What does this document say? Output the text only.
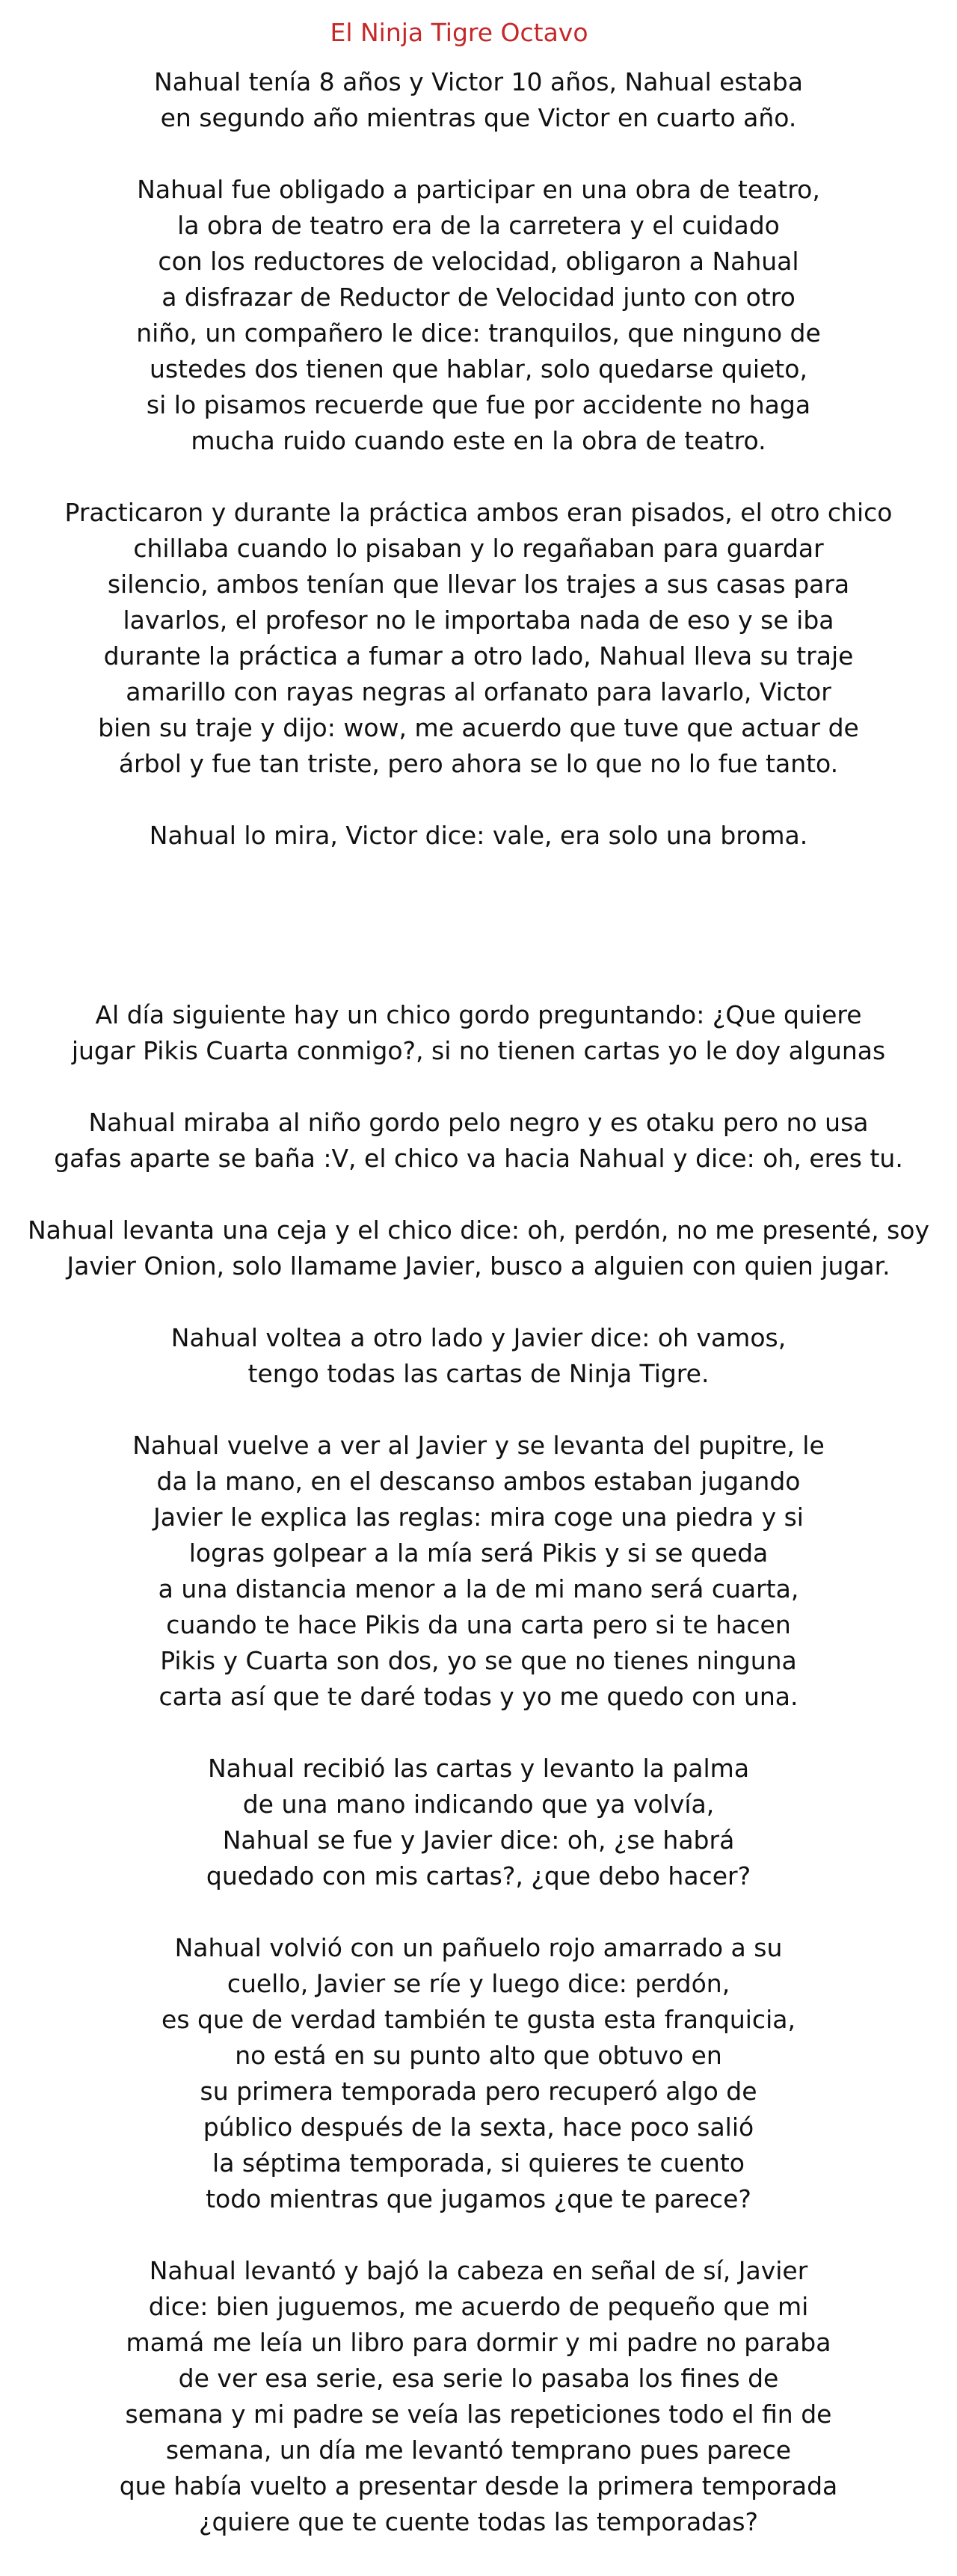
El Ninja Tigre Octavo
Nahual tenía 8 años y Victor 10 años, Nahual estaba
en segundo año mientras que Victor en cuarto año.
Nahual fue obligado a participar en una obra de teatro,
la obra de teatro era de la carretera y el cuidado
con los reductores de velocidad, obligaron a Nahual
a disfrazar de Reductor de Velocidad junto con otro
niño, un compañero le dice: tranquilos, que ninguno de
ustedes dos tienen que hablar, solo quedarse quieto,
si lo pisamos recuerde que fue por accidente no haga
mucha ruido cuando este en la obra de teatro.
Practicaron y durante la práctica ambos eran pisados, el otro chico
chillaba cuando lo pisaban y lo regañaban para guardar
silencio, ambos tenían que llevar los trajes a sus casas para
lavarlos, el profesor no le importaba nada de eso y se iba
durante la práctica a fumar a otro lado, Nahual lleva su traje
amarillo con rayas negras al orfanato para lavarlo, Victor
bien su traje y dijo: wow, me acuerdo que tuve que actuar de
árbol y fue tan triste, pero ahora se lo que no lo fue tanto.
Nahual lo mira, Victor dice: vale, era solo una broma.
Al día siguiente hay un chico gordo preguntando: ¿Que quiere
jugar Pikis Cuarta conmigo?, si no tienen cartas yo le doy algunas
Nahual miraba al niño gordo pelo negro y es otaku pero no usa
gafas aparte se baña :V, el chico va hacia Nahual y dice: oh, eres tu.
Nahual levanta una ceja y el chico dice: oh, perdón, no me presenté, soy
Javier Onion, solo llamame Javier, busco a alguien con quien jugar.
Nahual voltea a otro lado y Javier dice: oh vamos,
tengo todas las cartas de Ninja Tigre.
Nahual vuelve a ver al Javier y se levanta del pupitre, le
da la mano, en el descanso ambos estaban jugando
Javier le explica las reglas: mira coge una piedra y si
logras golpear a la mía será Pikis y si se queda
a una distancia menor a la de mi mano será cuarta,
cuando te hace Pikis da una carta pero si te hacen
Pikis y Cuarta son dos, yo se que no tienes ninguna
carta así que te daré todas y yo me quedo con una.
Nahual recibió las cartas y levanto la palma
de una mano indicando que ya volvía,
Nahual se fue y Javier dice: oh, ¿se habrá
quedado con mis cartas?, ¿que debo hacer?
Nahual volvió con un pañuelo rojo amarrado a su
cuello, Javier se ríe y luego dice: perdón,
es que de verdad también te gusta esta franquicia,
no está en su punto alto que obtuvo en
su primera temporada pero recuperó algo de
público después de la sexta, hace poco salió
la séptima temporada, si quieres te cuento
todo mientras que jugamos ¿que te parece?
Nahual levantó y bajó la cabeza en señal de sí, Javier
dice: bien juguemos, me acuerdo de pequeño que mi
mamá me leía un libro para dormir y mi padre no paraba
de ver esa serie, esa serie lo pasaba los fines de
semana y mi padre se veía las repeticiones todo el fin de
semana, un día me levantó temprano pues parece
que había vuelto a presentar desde la primera temporada
¿quiere que te cuente todas las temporadas?
